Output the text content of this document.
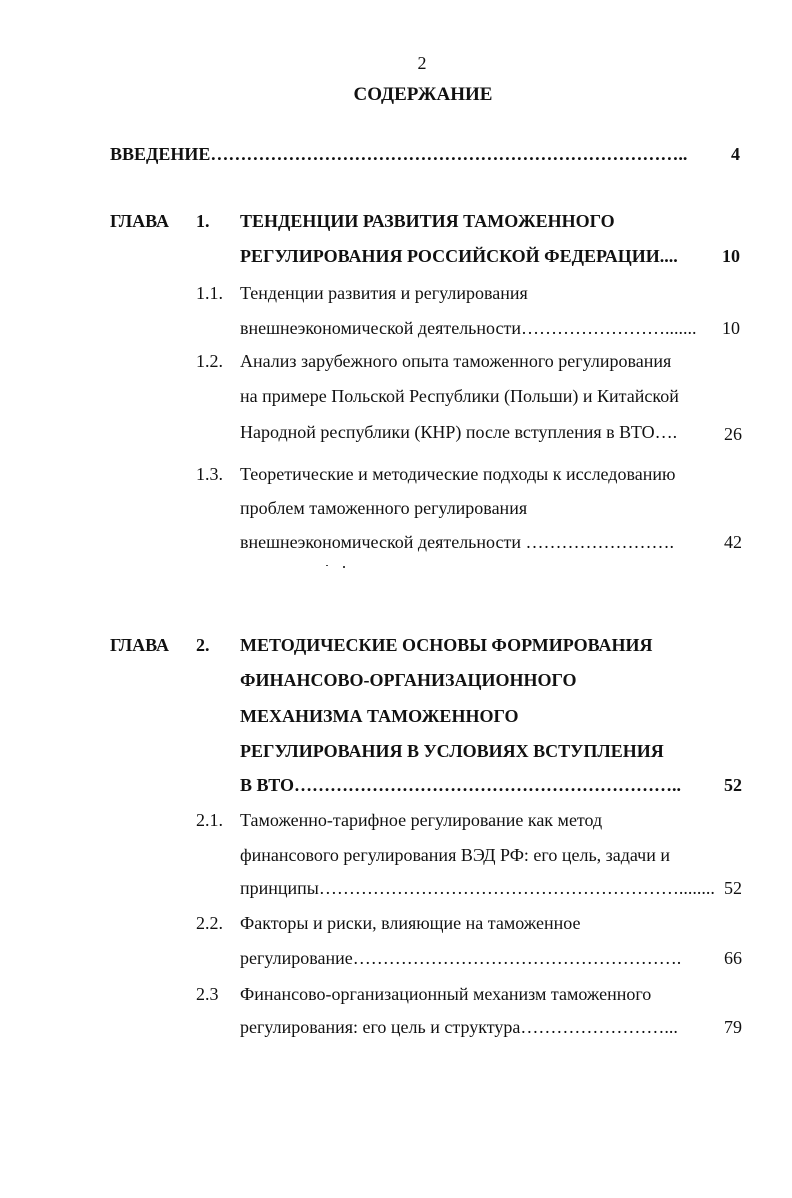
2
СОДЕРЖАНИЕ
ВВЕДЕНИЕ……………………………………………………………………..	4
ГЛАВА 1. ТЕНДЕНЦИИ РАЗВИТИЯ ТАМОЖЕННОГО
РЕГУЛИРОВАНИЯ РОССИЙСКОЙ ФЕДЕРАЦИИ....	10
1.1. Тенденции развития и регулирования
внешнеэкономической деятельности…………………….......	10
1.2. Анализ зарубежного опыта таможенного регулирования
на примере Польской Республики (Польши) и Китайской
Народной республики (КНР) после вступления в ВТО….	26
1.3. Теоретические и методические подходы к исследованию
проблем таможенного регулирования
внешнеэкономической деятельности …………………….	42
ГЛАВА 2. МЕТОДИЧЕСКИЕ ОСНОВЫ ФОРМИРОВАНИЯ
ФИНАНСОВО-ОРГАНИЗАЦИОННОГО
МЕХАНИЗМА ТАМОЖЕННОГО
РЕГУЛИРОВАНИЯ В УСЛОВИЯХ ВСТУПЛЕНИЯ
В ВТО………………………………………………………..	52
2.1. Таможенно-тарифное регулирование как метод
финансового регулирования ВЭД РФ: его цель, задачи и
принципы……………………………………………………........ 52
2.2. Факторы и риски, влияющие на таможенное
регулирование……………………………………………….	66
2.3 Финансово-организационный механизм таможенного
регулирования: его цель и структура……………………...	79
